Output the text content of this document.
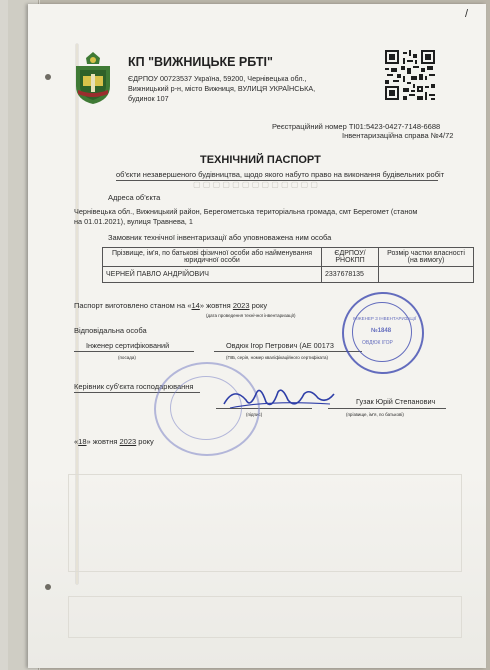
/
КП "ВИЖНИЦЬКЕ РБТІ"
ЄДРПОУ 00723537 Україна, 59200, Чернівецька обл.,
Вижницький р-н, місто Вижниця, ВУЛИЦЯ УКРАЇНСЬКА,
будинок 107
Реєстраційний номер ТІ01:5423-0427-7148-6688
Інвентаризаційна справа №4/72
ТЕХНІЧНИЙ ПАСПОРТ
об'єкти незавершеного будівництва, щодо якого набуто право на виконання будівельних робіт
Адреса об'єкта
Чернівецька обл., Вижницький район, Берегометська територіальна громада, смт Берегомет (станом
на 01.01.2021), вулиця Травнева, 1
Замовник технічної інвентаризації або уповноважена ним особа
Прізвище, ім'я, по батькові фізичної особи або найменування юридичної особи	ЄДРПОУ/ РНОКПП	Розмір частки власності (на вимогу)
ЧЕРНЕЙ ПАВЛО АНДРІЙОВИЧ	2337678135	
Паспорт виготовлено станом на «14» жовтня 2023 року
(дата проведення технічної інвентаризації)
Відповідальна особа
Інженер сертифікований	Овдюк Ігор Петрович (АЕ 00173
(посада)	(ПІБ, серія, номер кваліфікаційного сертифіката)
Керівник суб'єкта господарювання
Гузак Юрій Степанович
(підпис)	(прізвище, ім'я, по батькові)
«18» жовтня 2023 року
ІНЖЕНЕР З ІНВЕНТАРИЗАЦІЇ
№1848
ОВДЮК ІГОР
▢ ▢ ▢ ▢ ▢ ▢ ▢ ▢ ▢ ▢ ▢ ▢ ▢
